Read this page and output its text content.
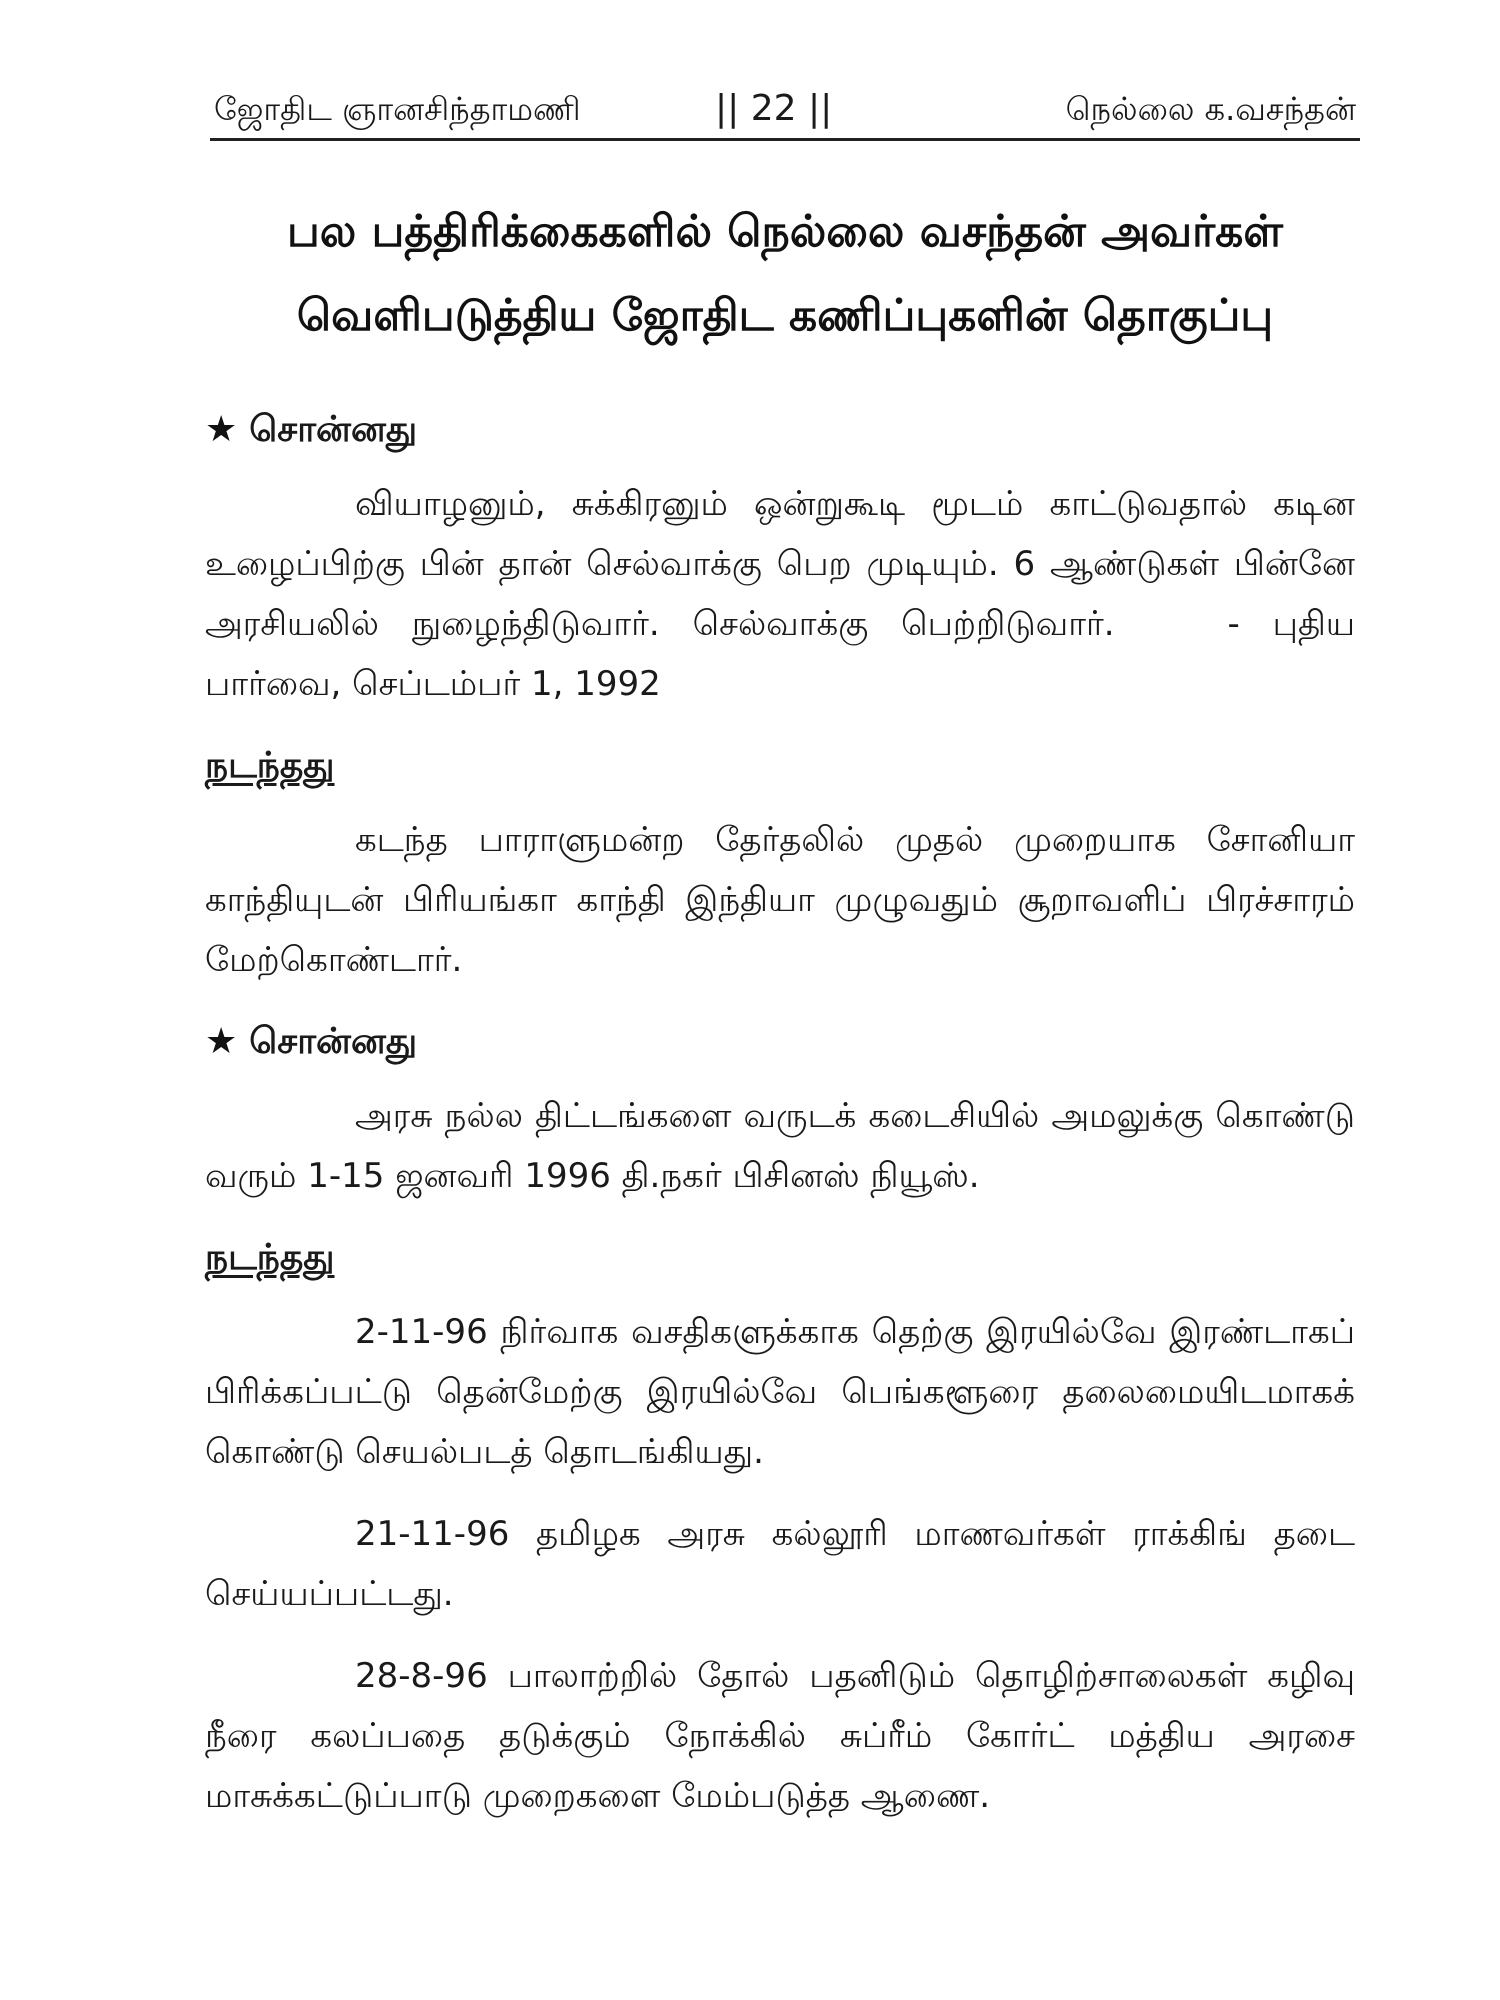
ஜோதிட ஞானசிந்தாமணி	|| 22 ||	நெல்லை க.வசந்தன்
பல பத்திரிக்கைகளில் நெல்லை வசந்தன் அவர்கள்
வெளிபடுத்திய ஜோதிட கணிப்புகளின் தொகுப்பு
★ சொன்னது

வியாழனும், சுக்கிரனும் ஒன்றுகூடி மூடம் காட்டுவதால் கடின உழைப்பிற்கு பின் தான் செல்வாக்கு பெற முடியும். 6 ஆண்டுகள் பின்னே அரசியலில் நுழைந்திடுவார். செல்வாக்கு பெற்றிடுவார்.	- புதிய பார்வை, செப்டம்பர் 1, 1992

நடந்தது

கடந்த பாராளுமன்ற தேர்தலில் முதல் முறையாக சோனியா காந்தியுடன் பிரியங்கா காந்தி இந்தியா முழுவதும் சூறாவளிப் பிரச்சாரம் மேற்கொண்டார்.

★ சொன்னது

அரசு நல்ல திட்டங்களை வருடக் கடைசியில் அமலுக்கு கொண்டு வரும் 1-15 ஜனவரி 1996 தி.நகர் பிசினஸ் நியூஸ்.

நடந்தது

2-11-96 நிர்வாக வசதிகளுக்காக தெற்கு இரயில்வே இரண்டாகப் பிரிக்கப்பட்டு தென்மேற்கு இரயில்வே பெங்களூரை தலைமையிடமாகக் கொண்டு செயல்படத் தொடங்கியது.

21-11-96 தமிழக அரசு கல்லூரி மாணவர்கள் ராக்கிங் தடை செய்யப்பட்டது.

28-8-96 பாலாற்றில் தோல் பதனிடும் தொழிற்சாலைகள் கழிவு நீரை கலப்பதை தடுக்கும் நோக்கில் சுப்ரீம் கோர்ட் மத்திய அரசை மாசுக்கட்டுப்பாடு முறைகளை மேம்படுத்த ஆணை.
